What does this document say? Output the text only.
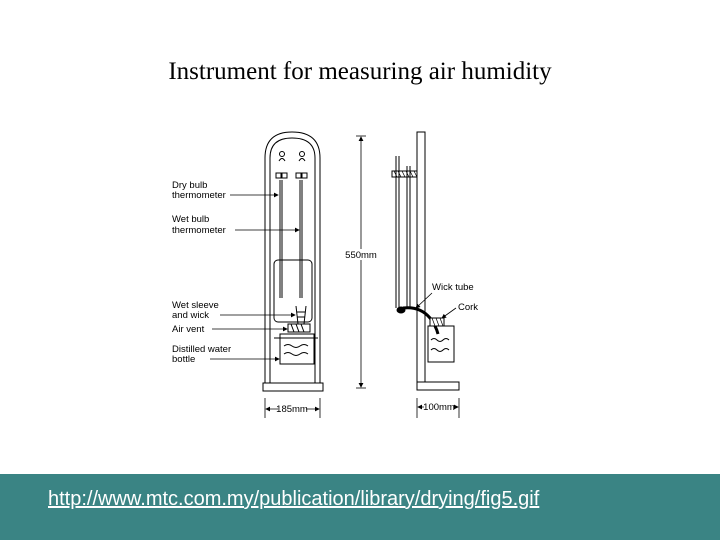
Instrument for measuring air humidity
Dry bulb
thermometer
Wet bulb
thermometer
Wet sleeve
and wick
Air vent
Distilled water
bottle
185mm
550mm
Wick tube
Cork
100mm
http://www.mtc.com.my/publication/library/drying/fig5.gif
